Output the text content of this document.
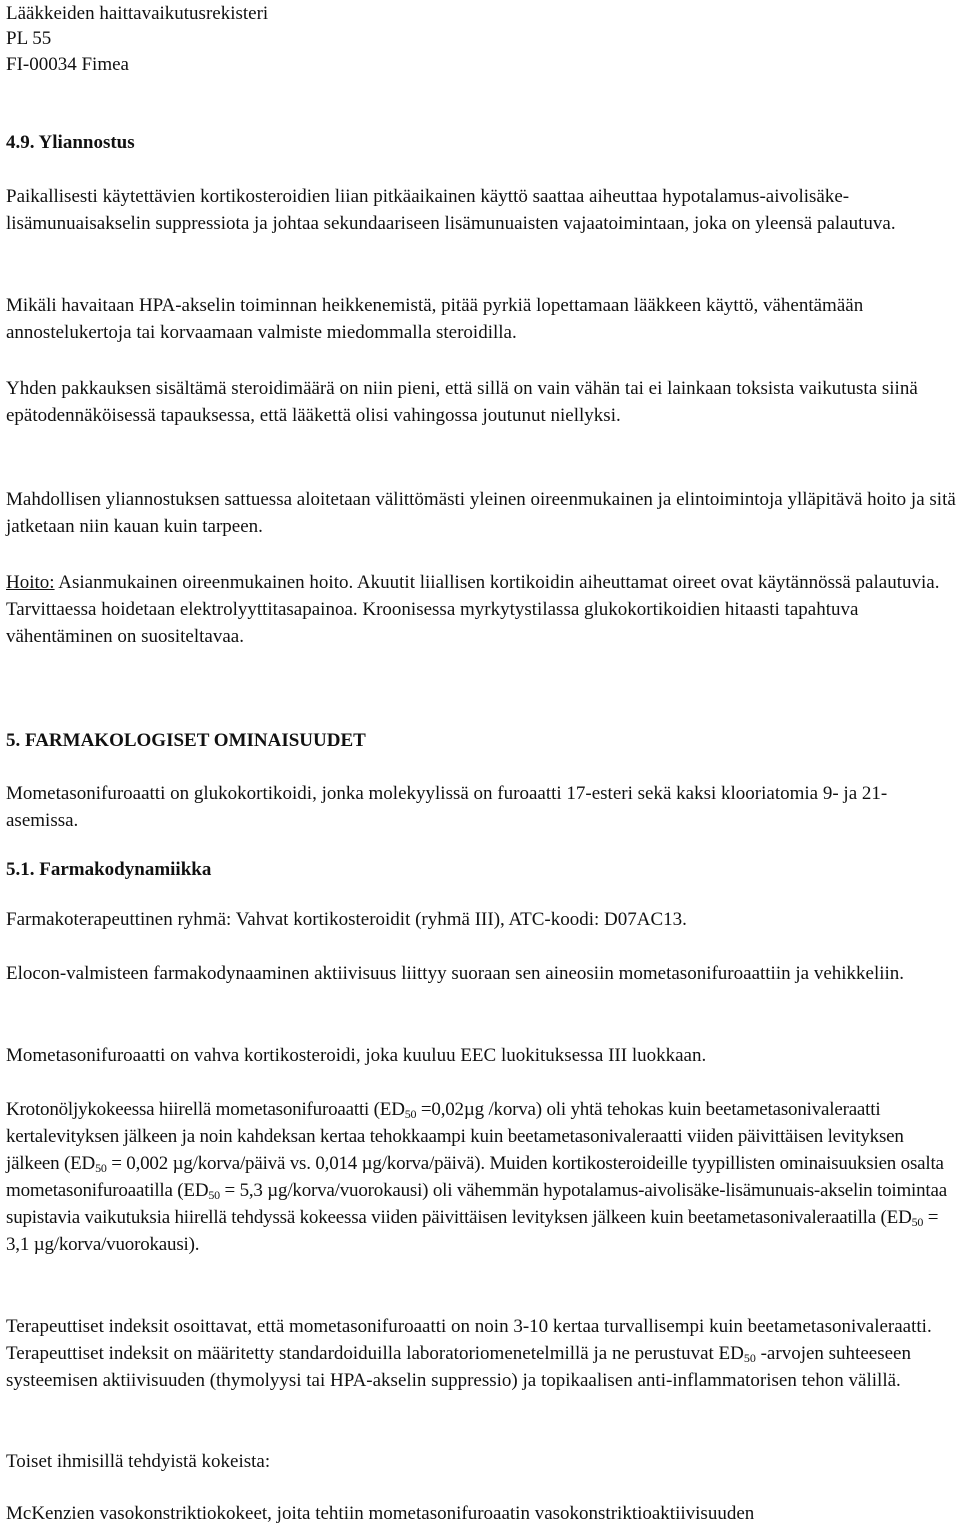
Lääkkeiden haittavaikutusrekisteri
PL 55
FI-00034 Fimea
4.9. Yliannostus
Paikallisesti käytettävien kortikosteroidien liian pitkäaikainen käyttö saattaa aiheuttaa hypotalamus-aivolisäke-lisämunuaisakselin suppressiota ja johtaa sekundaariseen lisämunuaisten vajaatoimintaan, joka on yleensä palautuva.
Mikäli havaitaan HPA-akselin toiminnan heikkenemistä, pitää pyrkiä lopettamaan lääkkeen käyttö, vähentämään annostelukertoja tai korvaamaan valmiste miedommalla steroidilla.
Yhden pakkauksen sisältämä steroidimäärä on niin pieni, että sillä on vain vähän tai ei lainkaan toksista vaikutusta siinä epätodennäköisessä tapauksessa, että lääkettä olisi vahingossa joutunut niellyksi.
Mahdollisen yliannostuksen sattuessa aloitetaan välittömästi yleinen oireenmukainen ja elintoimintoja ylläpitävä hoito ja sitä jatketaan niin kauan kuin tarpeen.
Hoito: Asianmukainen oireenmukainen hoito. Akuutit liiallisen kortikoidin aiheuttamat oireet ovat käytännössä palautuvia. Tarvittaessa hoidetaan elektrolyyttitasapainoa. Kroonisessa myrkytystilassa glukokortikoidien hitaasti tapahtuva vähentäminen on suositeltavaa.
5. FARMAKOLOGISET OMINAISUUDET
Mometasonifuroaatti on glukokortikoidi, jonka molekyylissä on furoaatti 17-esteri sekä kaksi klooriatomia 9- ja 21-asemissa.
5.1. Farmakodynamiikka
Farmakoterapeuttinen ryhmä: Vahvat kortikosteroidit (ryhmä III), ATC-koodi: D07AC13.
Elocon-valmisteen farmakodynaaminen aktiivisuus liittyy suoraan sen aineosiin mometasonifuroaattiin ja vehikkeliin.
Mometasonifuroaatti on vahva kortikosteroidi, joka kuuluu EEC luokituksessa III luokkaan.
Krotonöljykokeessa hiirellä mometasonifuroaatti ($ED_{50} =0,02\mu g$ /korva) oli yhtä tehokas kuin beetametasonivaleraatti kertalevityksen jälkeen ja noin kahdeksan kertaa tehokkaampi kuin beetametasonivaleraatti viiden päivittäisen levityksen jälkeen ($ED_{50} = 0,002$ µg/korva/päivä vs. 0,014 µg/korva/päivä). Muiden kortikosteroideille tyypillisten ominaisuuksien osalta mometasonifuroaatilla ($ED_{50} = 5,3$ µg/korva/vuorokausi) oli vähemmän hypotalamus-aivolisäke-lisämunuais-akselin toimintaa supistavia vaikutuksia hiirellä tehdyssä kokeessa viiden päivittäisen levityksen jälkeen kuin beetametasonivaleraatilla ($ED_{50} = 3,1$ µg/korva/vuorokausi).
Terapeuttiset indeksit osoittavat, että mometasonifuroaatti on noin 3-10 kertaa turvallisempi kuin beetametasonivaleraatti. Terapeuttiset indeksit on määritetty standardoiduilla laboratoriomenetelmillä ja ne perustuvat $ED_{50}$ -arvojen suhteeseen systeemisen aktiivisuuden (thymolyysi tai HPA-akselin suppressio) ja topikaalisen anti-inflammatorisen tehon välillä.
Toiset ihmisillä tehdyistä kokeista:
McKenzien vasokonstriktiokokeet, joita tehtiin mometasonifuroaatin vasokonstriktioaktiivisuuden
